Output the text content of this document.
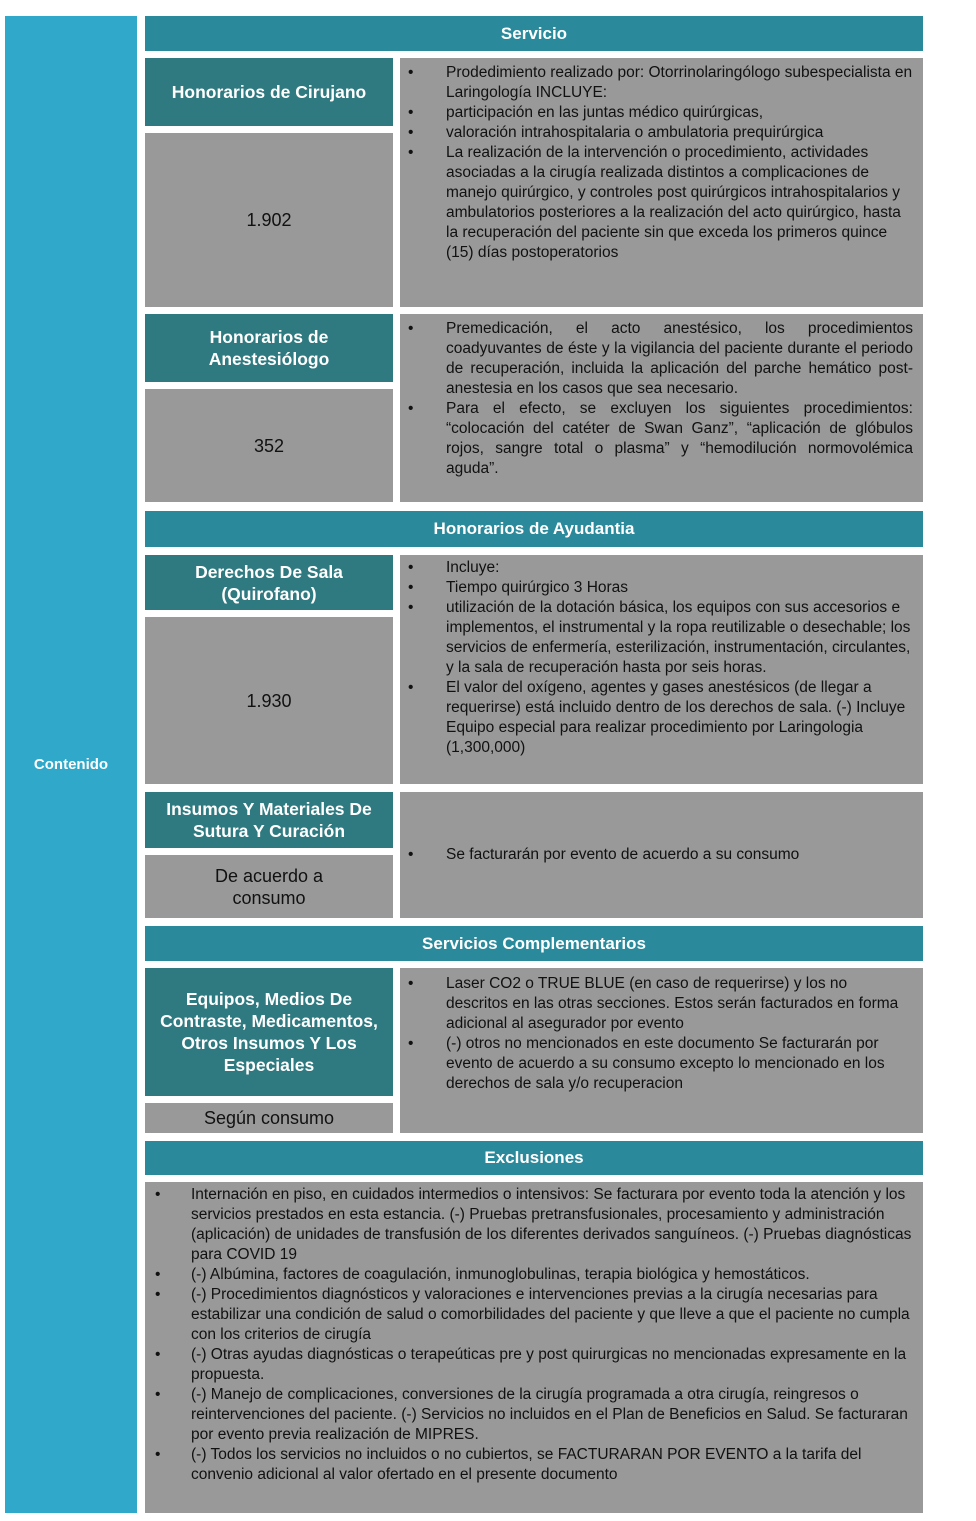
Contenido
Servicio
Honorarios de Cirujano
1.902
• Prodedimiento realizado por: Otorrinolaringólogo subespecialista en Laringología INCLUYE:
• participación en las juntas médico quirúrgicas,
• valoración intrahospitalaria o ambulatoria prequirúrgica
• La realización de la intervención o procedimiento, actividades asociadas a la cirugía realizada distintos a complicaciones de manejo quirúrgico, y controles post quirúrgicos intrahospitalarios y ambulatorios posteriores a la realización del acto quirúrgico, hasta la recuperación del paciente sin que exceda los primeros quince (15) días postoperatorios
Honorarios de Anestesiólogo
352
• Premedicación, el acto anestésico, los procedimientos coadyuvantes de éste y la vigilancia del paciente durante el periodo de recuperación, incluida la aplicación del parche hemático post-anestesia en los casos que sea necesario.
• Para el efecto, se excluyen los siguientes procedimientos: “colocación del catéter de Swan Ganz”, “aplicación de glóbulos rojos, sangre total o plasma” y “hemodilución normovolémica aguda”.
Honorarios de Ayudantia
Derechos De Sala (Quirofano)
1.930
• Incluye:
• Tiempo quirúrgico 3 Horas
• utilización de la dotación básica, los equipos con sus accesorios e implementos, el instrumental y la ropa reutilizable o desechable; los servicios de enfermería, esterilización, instrumentación, circulantes, y la sala de recuperación hasta por seis horas.
• El valor del oxígeno, agentes y gases anestésicos (de llegar a requerirse) está incluido dentro de los derechos de sala. (-) Incluye Equipo especial para realizar procedimiento por Laringologia (1,300,000)
Insumos Y Materiales De Sutura Y Curación
De acuerdo a consumo
• Se facturarán por evento de acuerdo a su consumo
Servicios Complementarios
Equipos, Medios De Contraste, Medicamentos, Otros Insumos Y Los Especiales
Según consumo
• Laser CO2 o TRUE BLUE (en caso de requerirse) y los no descritos en las otras secciones. Estos serán facturados en forma adicional al asegurador por evento
• (-) otros no mencionados en este documento Se facturarán por evento de acuerdo a su consumo excepto lo mencionado en los derechos de sala y/o recuperacion
Exclusiones
• Internación en piso, en cuidados intermedios o intensivos: Se facturara por evento toda la atención y los servicios prestados en esta estancia. (-) Pruebas pretransfusionales, procesamiento y administración (aplicación) de unidades de transfusión de los diferentes derivados sanguíneos. (-) Pruebas diagnósticas para COVID 19
• (-) Albúmina, factores de coagulación, inmunoglobulinas, terapia biológica y hemostáticos.
• (-) Procedimientos diagnósticos y valoraciones e intervenciones previas a la cirugía necesarias para estabilizar una condición de salud o comorbilidades del paciente y que lleve a que el paciente no cumpla con los criterios de cirugía
• (-) Otras ayudas diagnósticas o terapeúticas pre y post quirurgicas no mencionadas expresamente en la propuesta.
• (-) Manejo de complicaciones, conversiones de la cirugía programada a otra cirugía, reingresos o reintervenciones del paciente. (-) Servicios no incluidos en el Plan de Beneficios en Salud. Se facturaran por evento previa realización de MIPRES.
• (-) Todos los servicios no incluidos o no cubiertos, se FACTURARAN POR EVENTO a la tarifa del convenio adicional al valor ofertado en el presente documento
